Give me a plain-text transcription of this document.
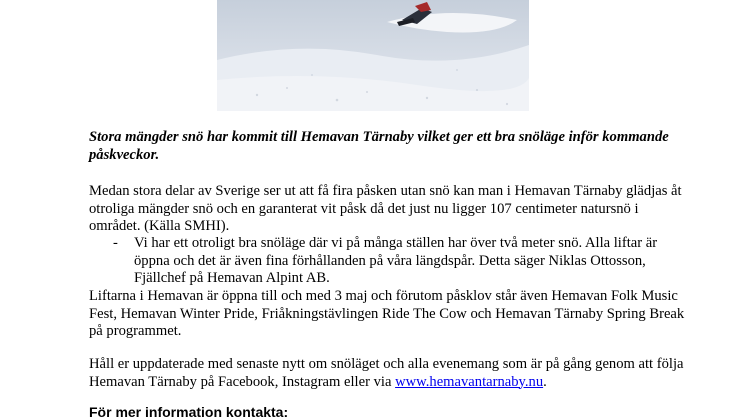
Stora mängder snö har kommit till Hemavan Tärnaby vilket ger ett bra snöläge inför kommande påskveckor.
Medan stora delar av Sverige ser ut att få fira påsken utan snö kan man i Hemavan Tärnaby glädjas åt otroliga mängder snö och en garanterat vit påsk då det just nu ligger 107 centimeter natursnö i området. (Källa SMHI).
- Vi har ett otroligt bra snöläge där vi på många ställen har över två meter snö. Alla liftar är öppna och det är även fina förhållanden på våra längdspår. Detta säger Niklas Ottosson, Fjällchef på Hemavan Alpint AB.
Liftarna i Hemavan är öppna till och med 3 maj och förutom påsklov står även Hemavan Folk Music Fest, Hemavan Winter Pride, Friåkningstävlingen Ride The Cow och Hemavan Tärnaby Spring Break på programmet.
Håll er uppdaterade med senaste nytt om snöläget och alla evenemang som är på gång genom att följa Hemavan Tärnaby på Facebook, Instagram eller via www.hemavantarnaby.nu.
För mer information kontakta:
